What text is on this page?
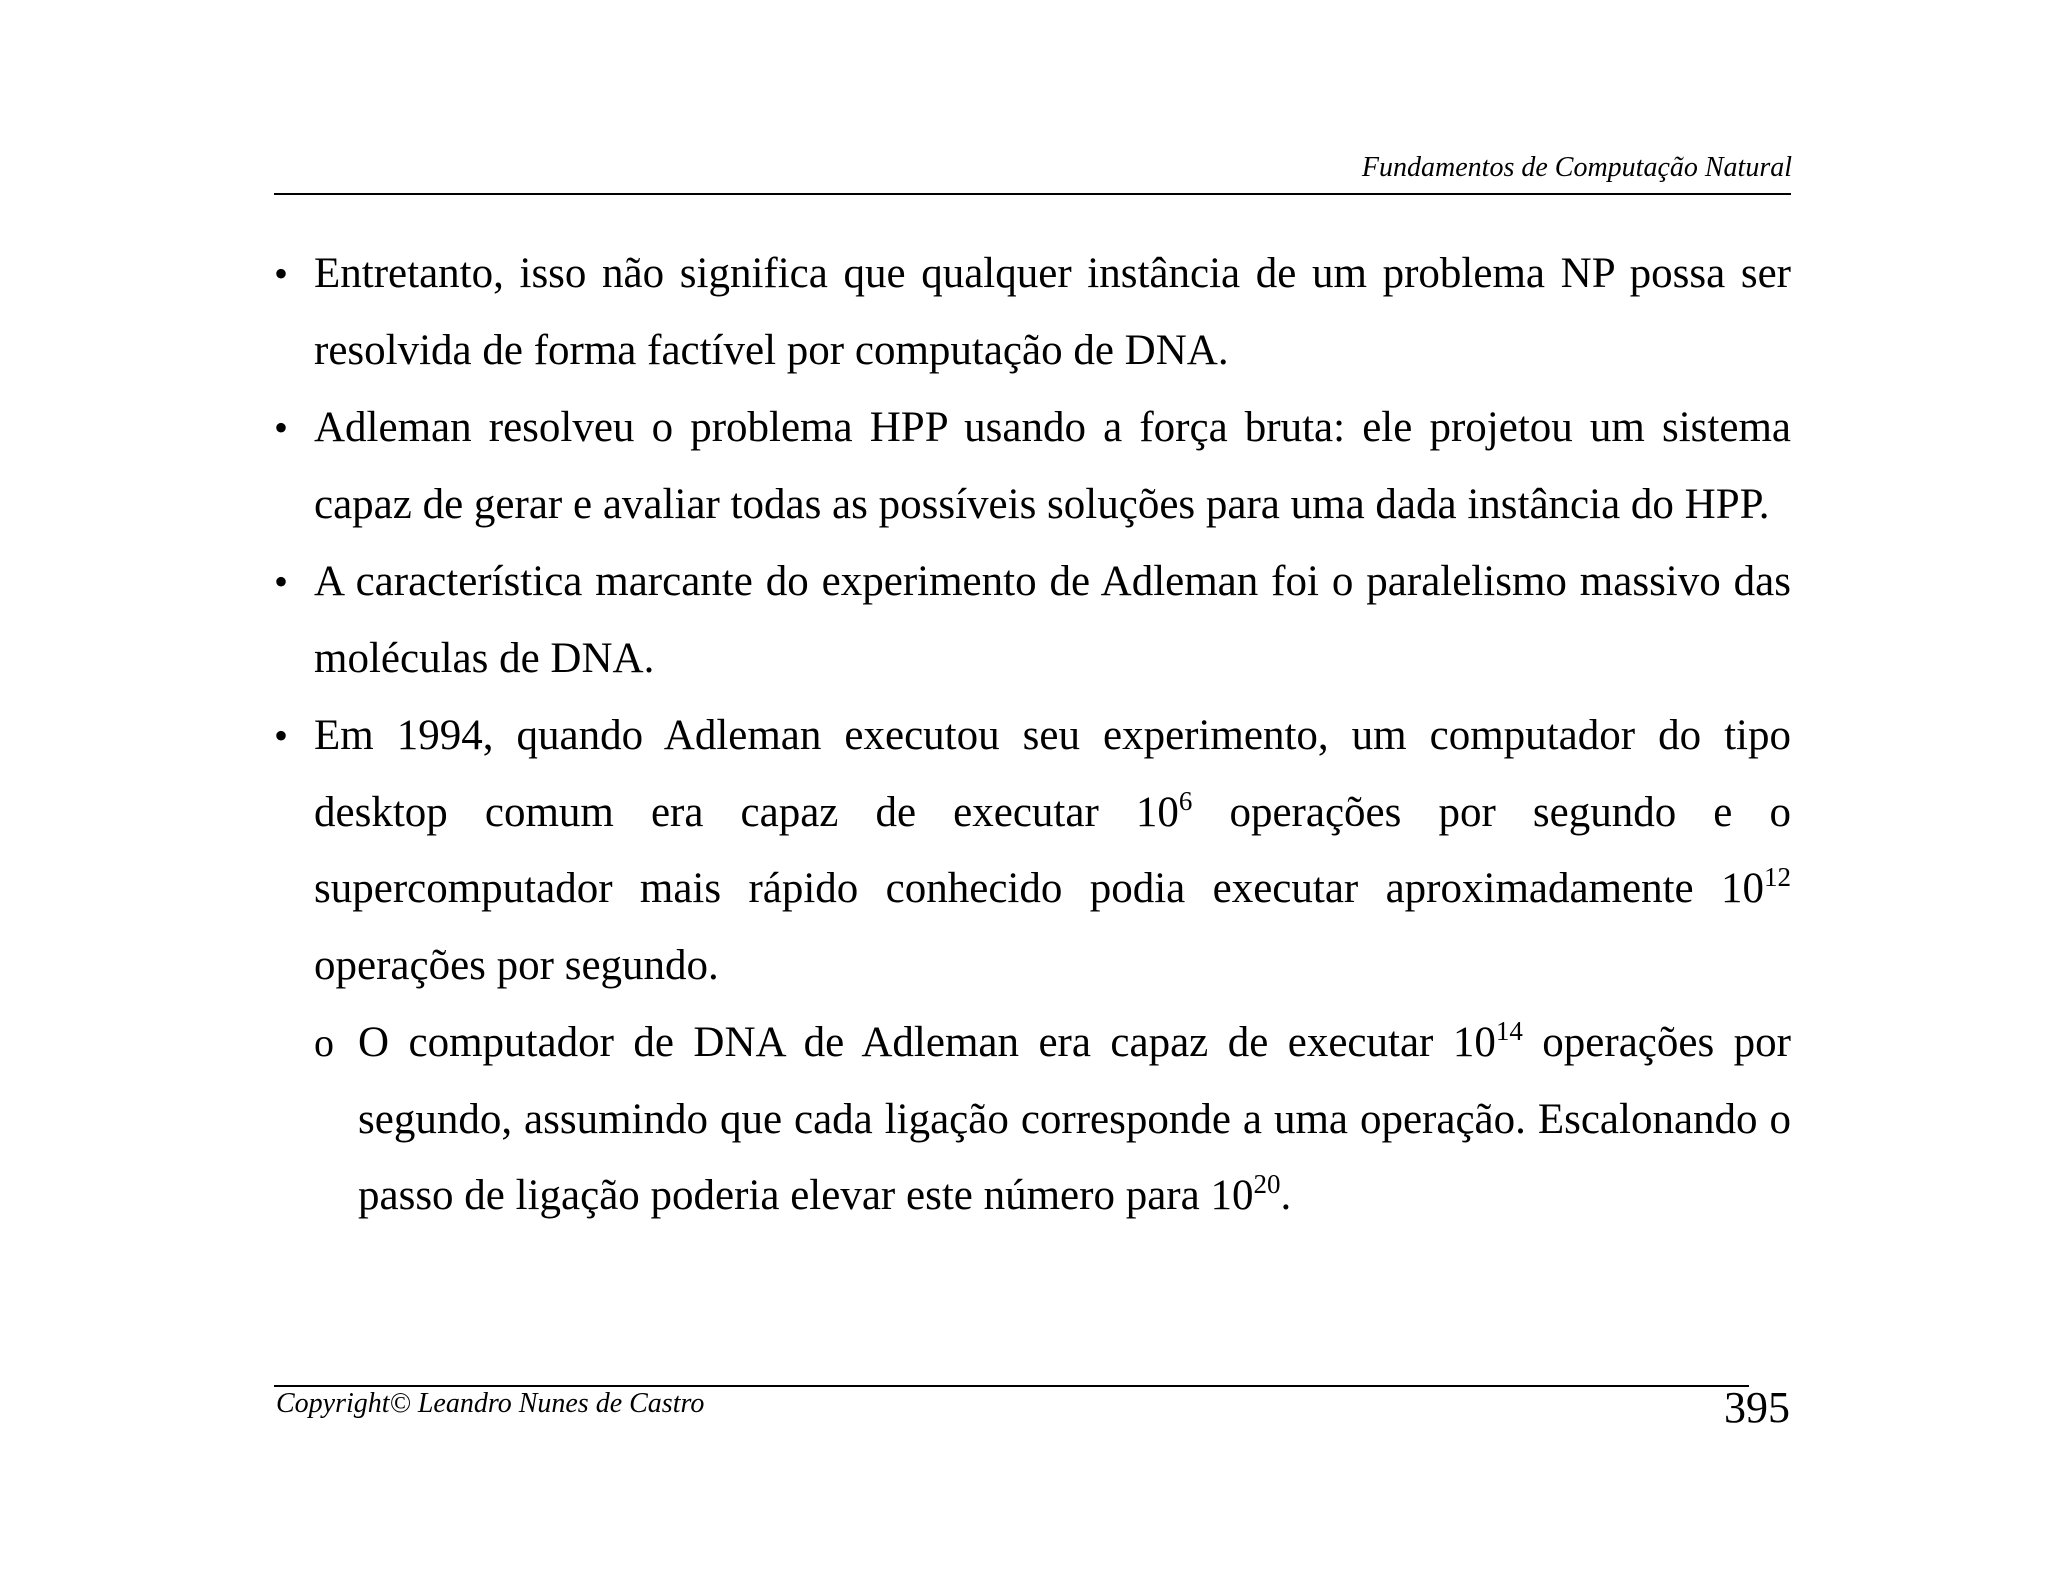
Fundamentos de Computação Natural
• Entretanto, isso não significa que qualquer instância de um problema NP possa ser resolvida de forma factível por computação de DNA.
• Adleman resolveu o problema HPP usando a força bruta: ele projetou um sistema capaz de gerar e avaliar todas as possíveis soluções para uma dada instância do HPP.
• A característica marcante do experimento de Adleman foi o paralelismo massivo das moléculas de DNA.
• Em 1994, quando Adleman executou seu experimento, um computador do tipo desktop comum era capaz de executar $10^6$ operações por segundo e o supercomputador mais rápido conhecido podia executar aproximadamente $10^{12}$ operações por segundo.
o O computador de DNA de Adleman era capaz de executar $10^{14}$ operações por segundo, assumindo que cada ligação corresponde a uma operação. Escalonando o passo de ligação poderia elevar este número para $10^{20}$.
Copyright© Leandro Nunes de Castro	395
